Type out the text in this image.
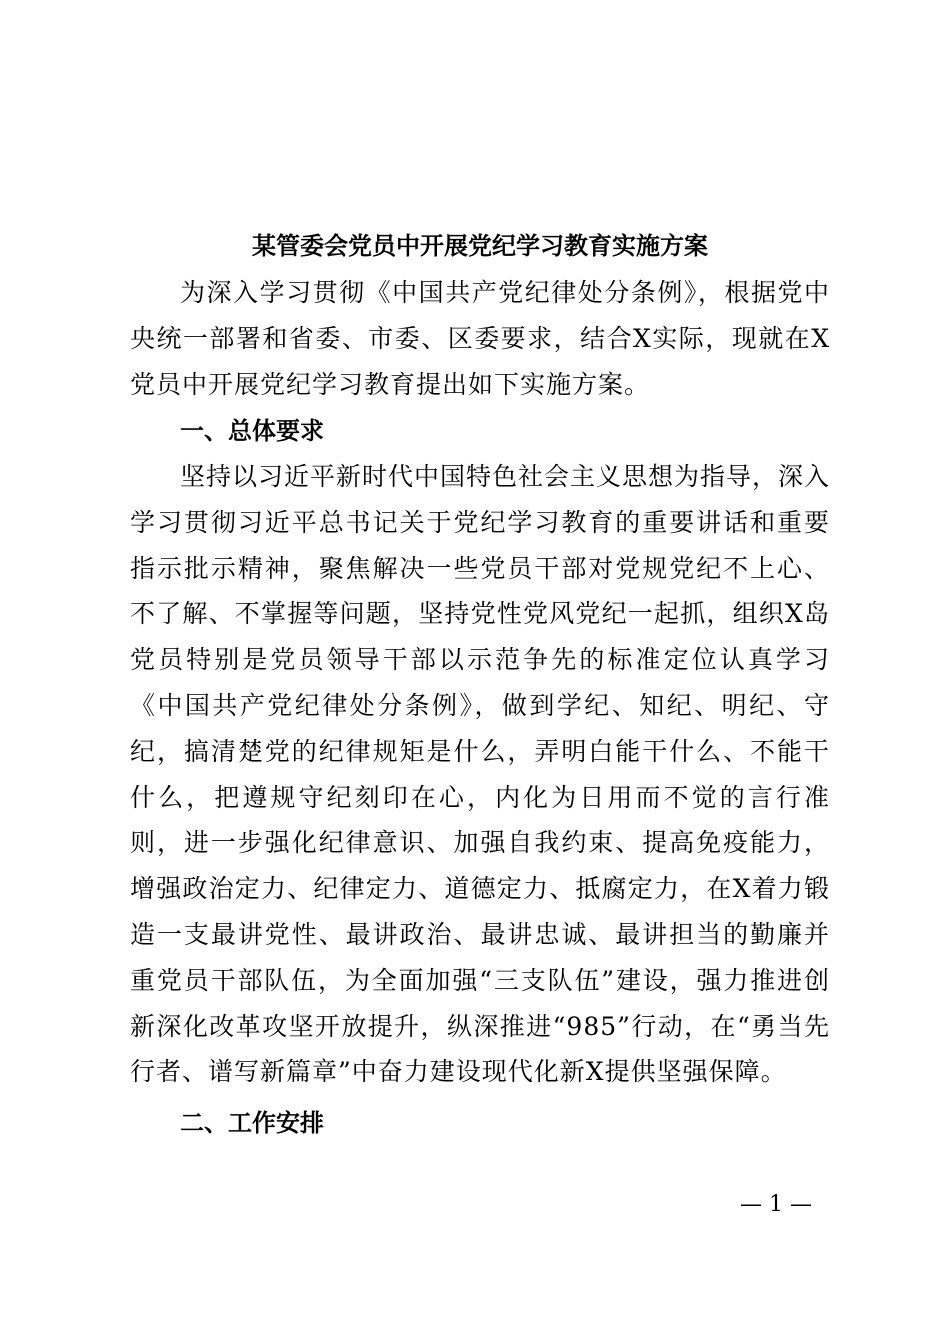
某管委会党员中开展党纪学习教育实施方案

为深入学习贯彻《中国共产党纪律处分条例》，根据党中央统一部署和省委、市委、区委要求，结合X实际，现就在X党员中开展党纪学习教育提出如下实施方案。

一、总体要求

坚持以习近平新时代中国特色社会主义思想为指导，深入学习贯彻习近平总书记关于党纪学习教育的重要讲话和重要指示批示精神，聚焦解决一些党员干部对党规党纪不上心、不了解、不掌握等问题，坚持党性党风党纪一起抓，组织X岛党员特别是党员领导干部以示范争先的标准定位认真学习《中国共产党纪律处分条例》，做到学纪、知纪、明纪、守纪，搞清楚党的纪律规矩是什么，弄明白能干什么、不能干什么，把遵规守纪刻印在心，内化为日用而不觉的言行准则，进一步强化纪律意识、加强自我约束、提高免疫能力，增强政治定力、纪律定力、道德定力、抵腐定力，在X着力锻造一支最讲党性、最讲政治、最讲忠诚、最讲担当的勤廉并重党员干部队伍，为全面加强“三支队伍”建设，强力推进创新深化改革攻坚开放提升，纵深推进“985”行动，在“勇当先行者、谱写新篇章”中奋力建设现代化新X提供坚强保障。

二、工作安排
— 1 —
